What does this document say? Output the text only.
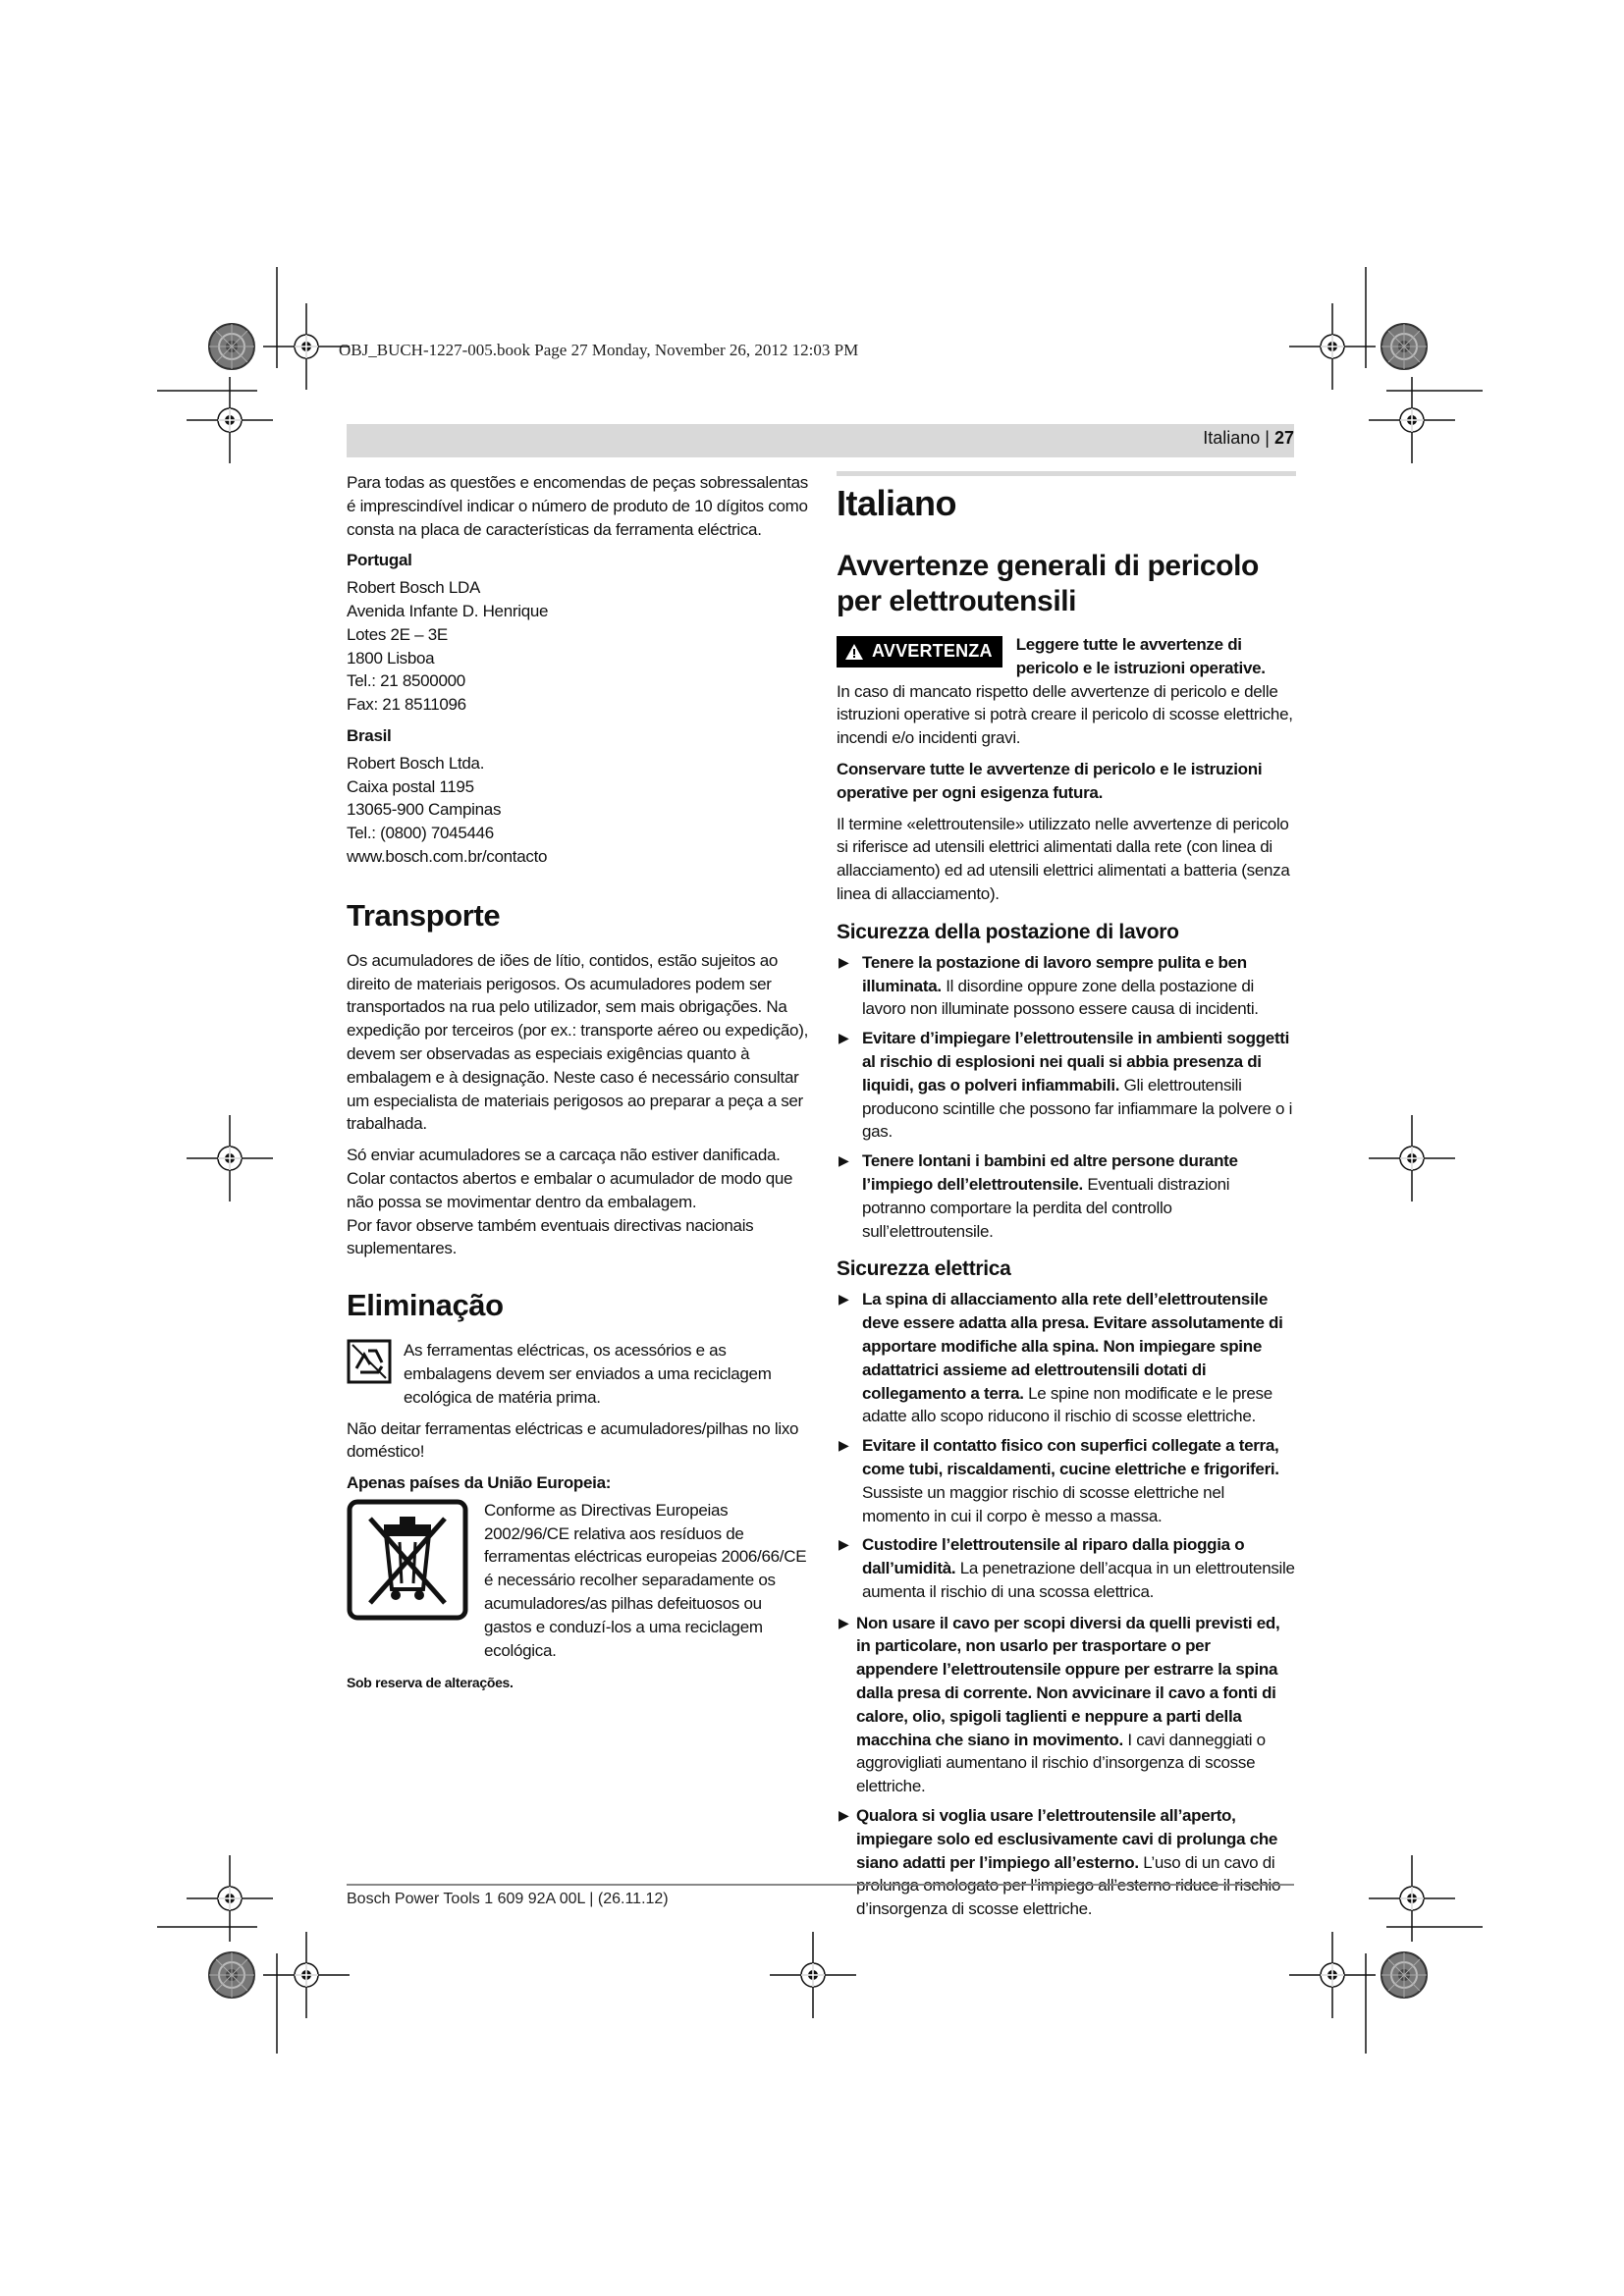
OBJ_BUCH-1227-005.book Page 27 Monday, November 26, 2012 12:03 PM
Italiano | 27

Para todas as questões e encomendas de peças sobressalentas é imprescindível indicar o número de produto de 10 dígitos como consta na placa de características da ferramenta eléctrica.

Portugal
Robert Bosch LDA
Avenida Infante D. Henrique
Lotes 2E – 3E
1800 Lisboa
Tel.: 21 8500000
Fax: 21 8511096
Brasil
Robert Bosch Ltda.
Caixa postal 1195
13065-900 Campinas
Tel.: (0800) 7045446
www.bosch.com.br/contacto
Transporte

Os acumuladores de iões de lítio, contidos, estão sujeitos ao direito de materiais perigosos. Os acumuladores podem ser transportados na rua pelo utilizador, sem mais obrigações. Na expedição por terceiros (por ex.: transporte aéreo ou expedição), devem ser observadas as especiais exigências quanto à embalagem e à designação. Neste caso é necessário consultar um especialista de materiais perigosos ao preparar a peça a ser trabalhada.

Só enviar acumuladores se a carcaça não estiver danificada. Colar contactos abertos e embalar o acumulador de modo que não possa se movimentar dentro da embalagem.

Por favor observe também eventuais directivas nacionais suplementares.

Eliminação
As ferramentas eléctricas, os acessórios e as embalagens devem ser enviados a uma reciclagem ecológica de matéria prima.

Não deitar ferramentas eléctricas e acumuladores/pilhas no lixo doméstico!

Apenas países da União Europeia:
Conforme as Directivas Europeias 2002/96/CE relativa aos resíduos de ferramentas eléctricas europeias 2006/66/CE é necessário recolher separadamente os acumuladores/as pilhas defeituosos ou gastos e conduzí-los a uma reciclagem ecológica.
Sob reserva de alterações.
Italiano
Avvertenze generali di pericolo per elettroutensili
AVVERTENZA Leggere tutte le avvertenze di pericolo e le istruzioni operative.

In caso di mancato rispetto delle avvertenze di pericolo e delle istruzioni operative si potrà creare il pericolo di scosse elettriche, incendi e/o incidenti gravi.

Conservare tutte le avvertenze di pericolo e le istruzioni operative per ogni esigenza futura.

Il termine «elettroutensile» utilizzato nelle avvertenze di pericolo si riferisce ad utensili elettrici alimentati dalla rete (con linea di allacciamento) ed ad utensili elettrici alimentati a batteria (senza linea di allacciamento).

Sicurezza della postazione di lavoro
▶ Tenere la postazione di lavoro sempre pulita e ben illuminata. Il disordine oppure zone della postazione di lavoro non illuminate possono essere causa di incidenti.
▶ Evitare d’impiegare l’elettroutensile in ambienti soggetti al rischio di esplosioni nei quali si abbia presenza di liquidi, gas o polveri infiammabili. Gli elettroutensili producono scintille che possono far infiammare la polvere o i gas.
▶ Tenere lontani i bambini ed altre persone durante l’impiego dell’elettroutensile. Eventuali distrazioni potranno comportare la perdita del controllo sull’elettroutensile.
Sicurezza elettrica
▶ La spina di allacciamento alla rete dell’elettroutensile deve essere adatta alla presa. Evitare assolutamente di apportare modifiche alla spina. Non impiegare spine adattatrici assieme ad elettroutensili dotati di collegamento a terra. Le spine non modificate e le prese adatte allo scopo riducono il rischio di scosse elettriche.
▶ Evitare il contatto fisico con superfici collegate a terra, come tubi, riscaldamenti, cucine elettriche e frigoriferi. Sussiste un maggior rischio di scosse elettriche nel momento in cui il corpo è messo a massa.
▶ Custodire l’elettroutensile al riparo dalla pioggia o dall’umidità. La penetrazione dell’acqua in un elettroutensile aumenta il rischio di una scossa elettrica.
▶ Non usare il cavo per scopi diversi da quelli previsti ed, in particolare, non usarlo per trasportare o per appendere l’elettroutensile oppure per estrarre la spina dalla presa di corrente. Non avvicinare il cavo a fonti di calore, olio, spigoli taglienti e neppure a parti della macchina che siano in movimento. I cavi danneggiati o aggrovigliati aumentano il rischio d’insorgenza di scosse elettriche.
▶ Qualora si voglia usare l’elettroutensile all’aperto, impiegare solo ed esclusivamente cavi di prolunga che siano adatti per l’impiego all’esterno. L’uso di un cavo di d’insorgenza di scosse elettriche.
Bosch Power Tools 1 609 92A 00L | (26.11.12)
